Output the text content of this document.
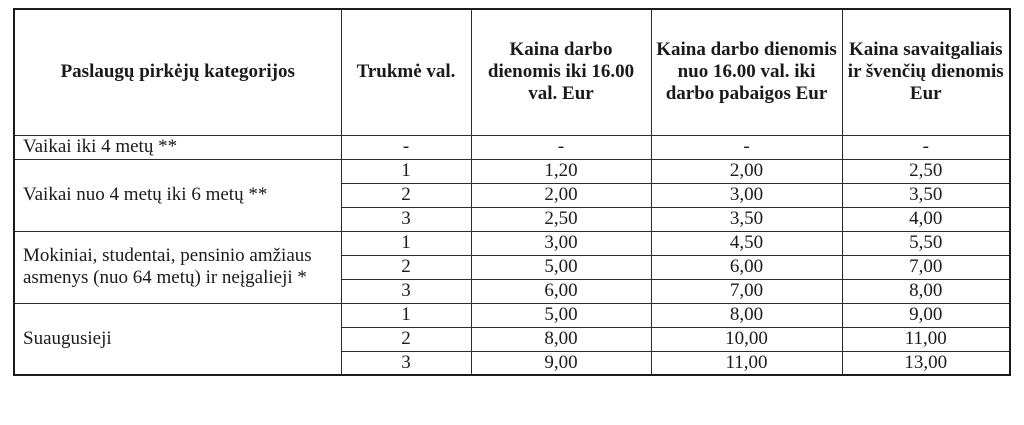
Paslaugų pirkėjų kategorijos	Trukmė val.	Kaina darbo dienomis iki 16.00 val. Eur	Kaina darbo dienomis nuo 16.00 val. iki darbo pabaigos Eur	Kaina savaitgaliais ir švenčių dienomis Eur
Vaikai iki 4 metų **	-	-	-	-
Vaikai nuo 4 metų iki 6 metų **	1	1,20	2,00	2,50
	2	2,00	3,00	3,50
	3	2,50	3,50	4,00
Mokiniai, studentai, pensinio amžiaus asmenys (nuo 64 metų) ir neįgalieji *	1	3,00	4,50	5,50
	2	5,00	6,00	7,00
	3	6,00	7,00	8,00
Suaugusieji	1	5,00	8,00	9,00
	2	8,00	10,00	11,00
	3	9,00	11,00	13,00
